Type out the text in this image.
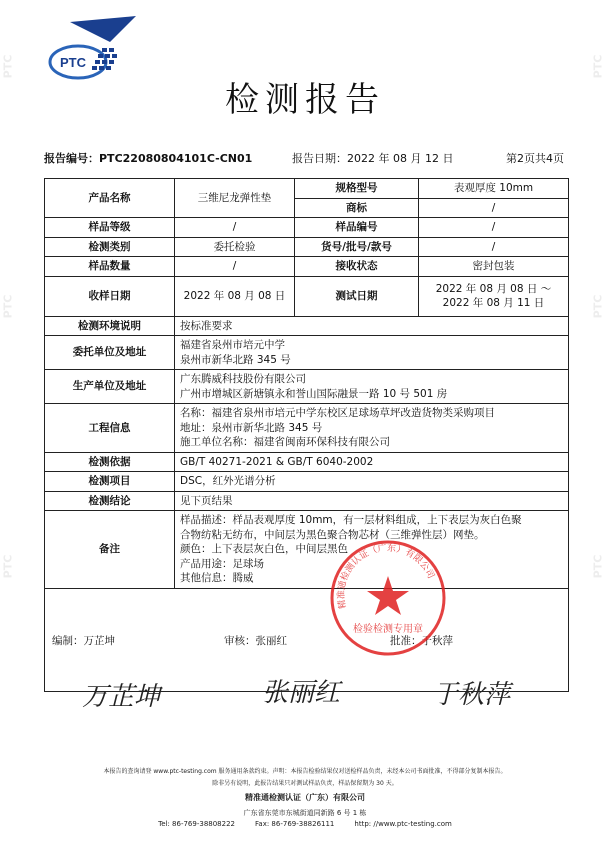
PTC
PTC
PTC
PTC
PTC
PTC
PTC
检测报告
报告编号：PTC22080804101C-CN01	报告日期：2022 年 08 月 12 日	第2页共4页
产品名称	三维尼龙弹性垫	规格型号	表观厚度 10mm
		商标	/
样品等级	/	样品编号	/
检测类别	委托检验	货号/批号/款号	/
样品数量	/	接收状态	密封包装
收样日期	2022 年 08 月 08 日	测试日期	2022 年 08 月 08 日 ～
2022 年 08 月 11 日

检测环境说明	按标准要求		
委托单位及地址	福建省泉州市培元中学
泉州市新华北路 345 号		

生产单位及地址	广东腾威科技股份有限公司
广州市增城区新塘镇永和誉山国际融景一路 10 号 501 房		

工程信息	名称：福建省泉州市培元中学东校区足球场草坪改造货物类采购项目
地址：泉州市新华北路 345 号
施工单位名称：福建省闽南环保科技有限公司		

检测依据	GB/T 40271-2021 & GB/T 6040-2002		
检测项目	DSC，红外光谱分析		
检测结论	见下页结果		
备注	样品描述：样品表观厚度 10mm，有一层材料组成，上下表层为灰白色聚
合物纺粘无纺布，中间层为黑色聚合物芯材（三维弹性层）网垫。
颜色：上下表层灰白色，中间层黑色
产品用途：足球场
其他信息：腾威		

编制：万芷坤	审核：张丽红	批准：于秋萍
万芷坤	张丽红	于秋萍
精准通检测认证（广东）有限公司
检验检测专用章
本报告的查询请登 www.ptc-testing.com 服务通用条款约束。声明：本报告检验结果仅对送检样品负责，未经本公司书面批准，不得部分复制本报告。
除非另有说明，此报告结果只对测试样品负责，样品保留期为 30 天。
精准通检测认证（广东）有限公司
广东省东莞市东城街道同新路 6 号 1 栋
Tel: 86-769-38808222	Fax: 86-769-38826111	http: //www.ptc-testing.com
